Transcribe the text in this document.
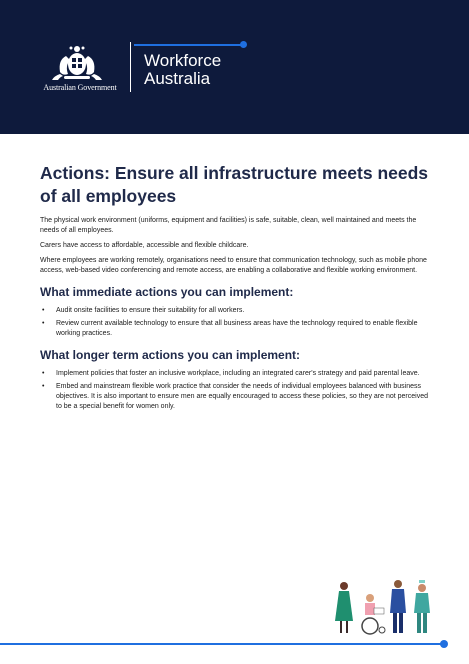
Australian Government
Workforce
Australia
Actions: Ensure all infrastructure meets needs of all employees

The physical work environment (uniforms, equipment and facilities) is safe, suitable, clean, well maintained and meets the needs of all employees.

Carers have access to affordable, accessible and flexible childcare.

Where employees are working remotely, organisations need to ensure that communication technology, such as mobile phone access, web-based video conferencing and remote access, are enabling a collaborative and flexible working environment.

What immediate actions you can implement:
• Audit onsite facilities to ensure their suitability for all workers.
• Review current available technology to ensure that all business areas have the technology required to enable flexible working practices.
What longer term actions you can implement:
• Implement policies that foster an inclusive workplace, including an integrated carer's strategy and paid parental leave.
• Embed and mainstream flexible work practice that consider the needs of individual employees balanced with business objectives. It is also important to ensure men are equally encouraged to access these policies, so they are not perceived to be a special benefit for women only.
